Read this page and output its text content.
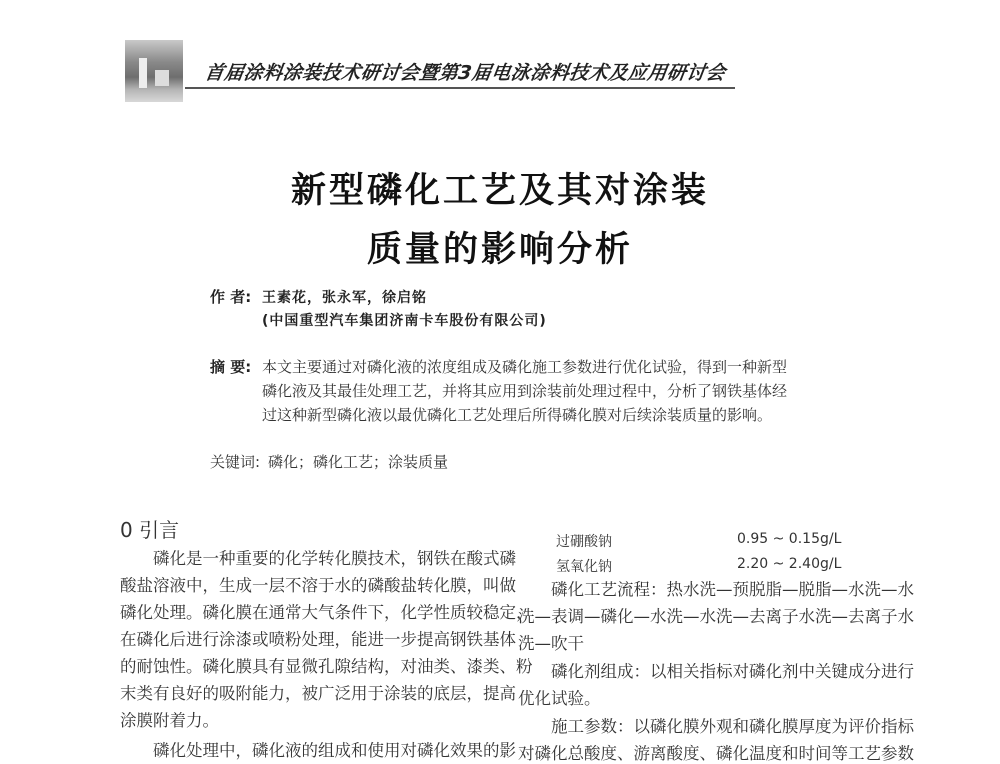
首届涂料涂装技术研讨会暨第3届电泳涂料技术及应用研讨会
新型磷化工艺及其对涂装
质量的影响分析
作 者: 王素花，张永军，徐启铭
(中国重型汽车集团济南卡车股份有限公司)
摘 要: 本文主要通过对磷化液的浓度组成及磷化施工参数进行优化试验，得到一种新型
磷化液及其最佳处理工艺，并将其应用到涂装前处理过程中，分析了钢铁基体经
过这种新型磷化液以最优磷化工艺处理后所得磷化膜对后续涂装质量的影响。
关键词: 磷化；磷化工艺；涂装质量
0 引言
　　磷化是一种重要的化学转化膜技术，钢铁在酸式磷
酸盐溶液中，生成一层不溶于水的磷酸盐转化膜，叫做
磷化处理。磷化膜在通常大气条件下，化学性质较稳定，
在磷化后进行涂漆或喷粉处理，能进一步提高钢铁基体
的耐蚀性。磷化膜具有显微孔隙结构，对油类、漆类、粉
末类有良好的吸附能力，被广泛用于涂装的底层，提高
涂膜附着力。
　　磷化处理中，磷化液的组成和使用对磷化效果的影
过硼酸钠	0.95 ~ 0.15g/L
氢氧化钠	2.20 ~ 2.40g/L
　　磷化工艺流程：热水洗—预脱脂—脱脂—水洗—水
洗—表调—磷化—水洗—水洗—去离子水洗—去离子水
洗—吹干
　　磷化剂组成：以相关指标对磷化剂中关键成分进行
优化试验。
　　施工参数：以磷化膜外观和磷化膜厚度为评价指标
对磷化总酸度、游离酸度、磷化温度和时间等工艺参数
